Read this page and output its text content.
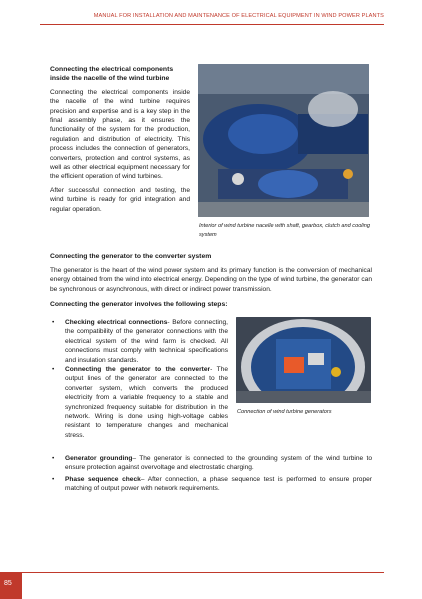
MANUAL FOR INSTALLATION AND MAINTENANCE OF ELECTRICAL EQUIPMENT IN WIND POWER PLANTS

Connecting the electrical components inside the nacelle of the wind turbine

Connecting the electrical components inside the nacelle of the wind turbine requires precision and expertise and is a key step in the final assembly phase, as it ensures the functionality of the system for the production, regulation and distribution of electricity. This process includes the connection of generators, converters, protection and control systems, as well as other electrical equipment necessary for the efficient operation of wind turbines.

After successful connection and testing, the wind turbine is ready for grid integration and regular operation.

Interior of wind turbine nacelle with shaft, gearbox, clutch and cooling system
Connecting the generator to the converter system
The generator is the heart of the wind power system and its primary function is the conversion of mechanical energy obtained from the wind into electrical energy. Depending on the type of wind turbine, the generator can be synchronous or asynchronous, with direct or indirect power transmission.
Connecting the generator involves the following steps:
• Checking electrical connections- Before connecting, the compatibility of the generator connections with the electrical system of the wind farm is checked. All connections must comply with technical specifications and insulation standards.
• Connecting the generator to the converter- The output lines of the generator are connected to the converter system, which converts the produced electricity from a variable frequency to a stable and synchronized frequency suitable for distribution in the network. Wiring is done using high-voltage cables resistant to temperature changes and mechanical stress.
Connection of wind turbine generators
• Generator grounding– The generator is connected to the grounding system of the wind turbine to ensure protection against overvoltage and electrostatic charging.
• Phase sequence check– After connection, a phase sequence test is performed to ensure proper matching of output power with network requirements.
85
